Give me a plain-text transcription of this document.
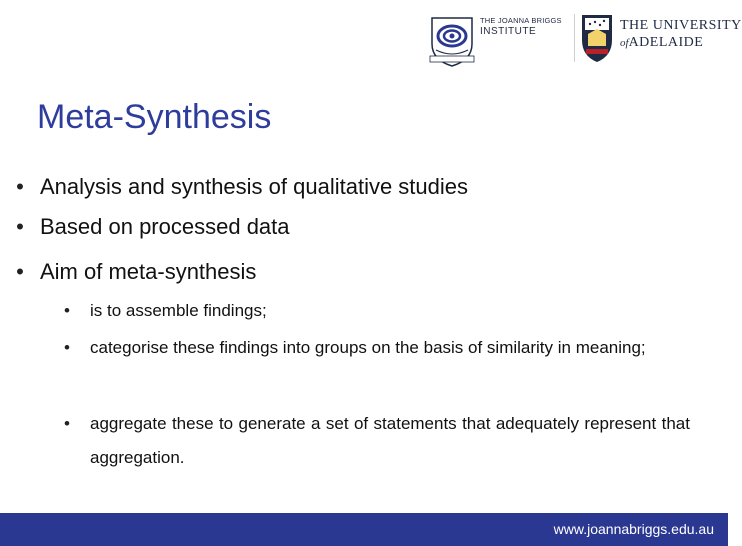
THE JOANNA BRIGGS
INSTITUTE	THE UNIVERSITY
ofADELAIDE
Meta-Synthesis
• Analysis and synthesis of qualitative studies
• Based on processed data
• Aim of meta-synthesis
•	is to assemble findings;
•	categorise these findings into groups on the basis of similarity in meaning;
•	aggregate these to generate a set of statements that adequately represent that aggregation.
www.joannabriggs.edu.au
